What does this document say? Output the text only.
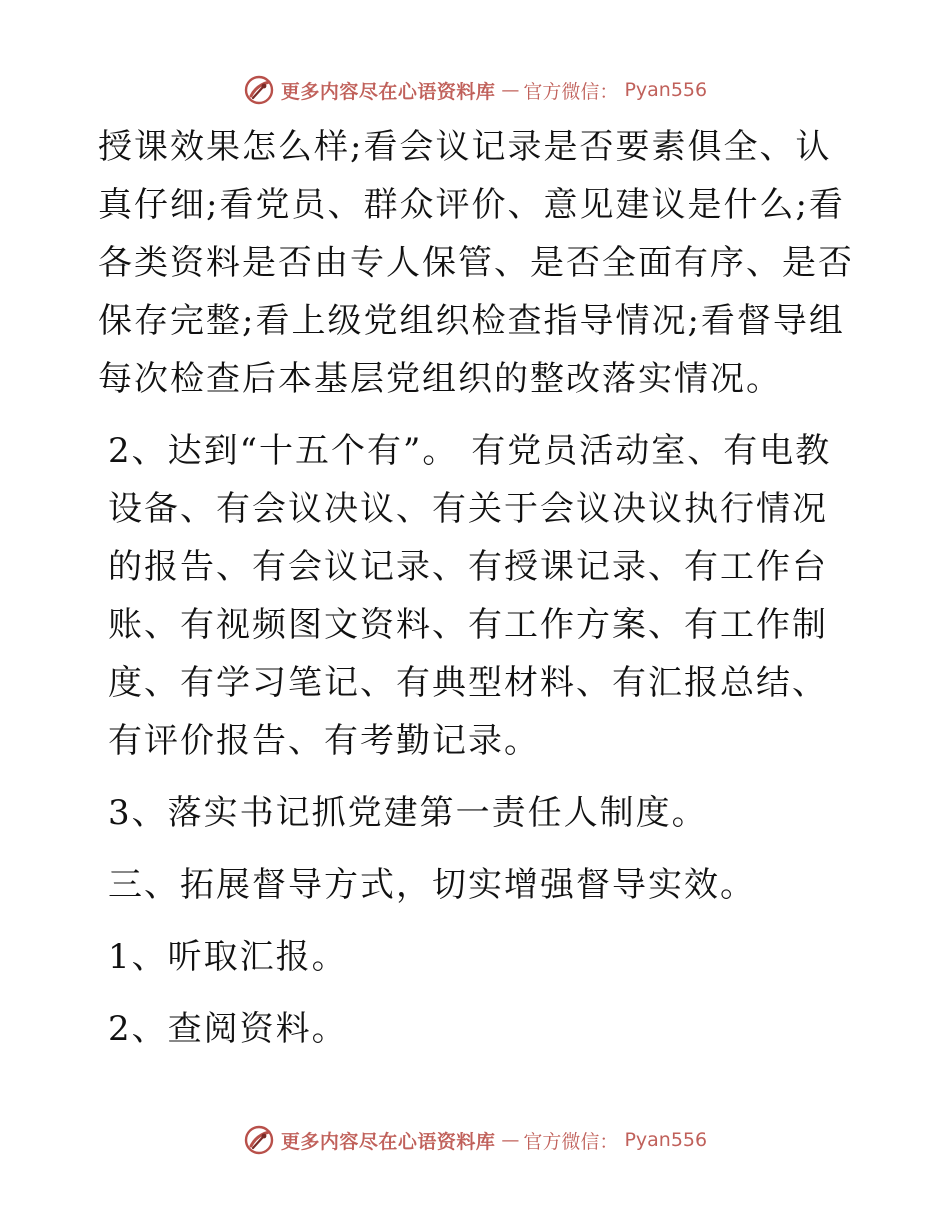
更多内容尽在心语资料库 — 官方微信： Pyan556

授课效果怎么样;看会议记录是否要素俱全、认真仔细;看党员、群众评价、意见建议是什么;看各类资料是否由专人保管、是否全面有序、是否保存完整;看上级党组织检查指导情况;看督导组每次检查后本基层党组织的整改落实情况。

2、达到“十五个有”。 有党员活动室、有电教设备、有会议决议、有关于会议决议执行情况的报告、有会议记录、有授课记录、有工作台账、有视频图文资料、有工作方案、有工作制度、有学习笔记、有典型材料、有汇报总结、有评价报告、有考勤记录。

3、落实书记抓党建第一责任人制度。

三、拓展督导方式，切实增强督导实效。

1、听取汇报。

2、查阅资料。

更多内容尽在心语资料库 — 官方微信： Pyan556
